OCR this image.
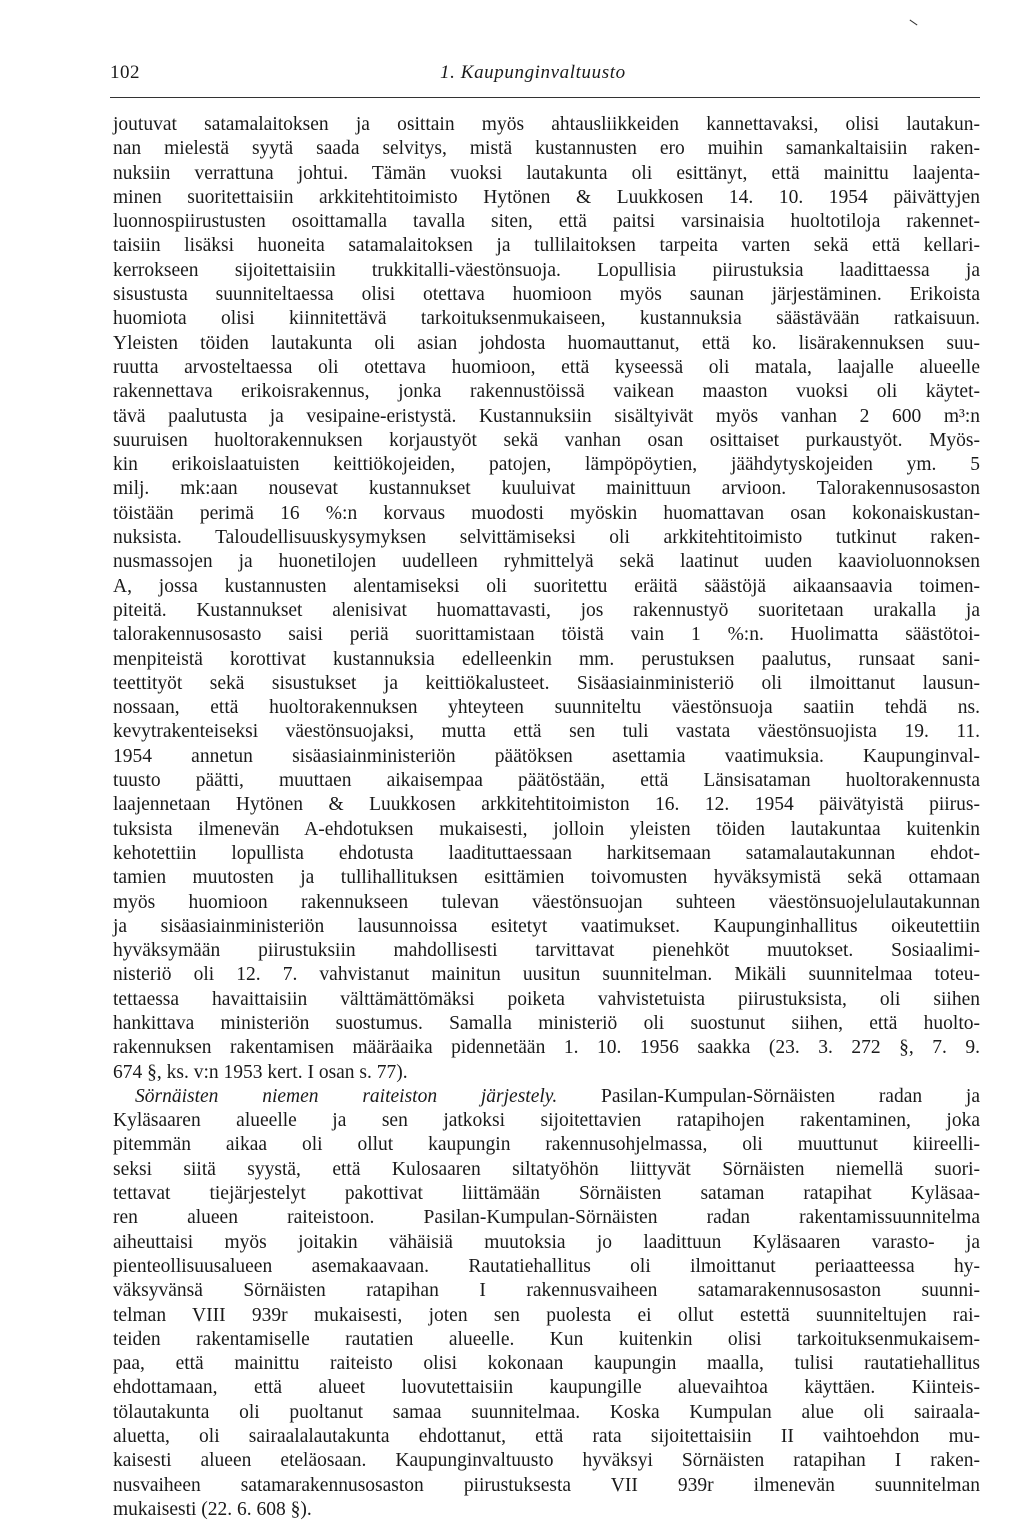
102	1. Kaupunginvaltuusto
joutuvat satamalaitoksen ja osittain myös ahtausliikkeiden kannettavaksi, olisi lautakun-
nan mielestä syytä saada selvitys, mistä kustannusten ero muihin samankaltaisiin raken-
nuksiin verrattuna johtui. Tämän vuoksi lautakunta oli esittänyt, että mainittu laajenta-
minen suoritettaisiin arkkitehtitoimisto Hytönen & Luukkosen 14. 10. 1954 päivättyjen
luonnospiirustusten osoittamalla tavalla siten, että paitsi varsinaisia huoltotiloja rakennet-
taisiin lisäksi huoneita satamalaitoksen ja tullilaitoksen tarpeita varten sekä että kellari-
kerrokseen sijoitettaisiin trukkitalli-väestönsuoja. Lopullisia piirustuksia laadittaessa ja
sisustusta suunniteltaessa olisi otettava huomioon myös saunan järjestäminen. Erikoista
huomiota olisi kiinnitettävä tarkoituksenmukaiseen, kustannuksia säästävään ratkaisuun.
Yleisten töiden lautakunta oli asian johdosta huomauttanut, että ko. lisärakennuksen suu-
ruutta arvosteltaessa oli otettava huomioon, että kyseessä oli matala, laajalle alueelle
rakennettava erikoisrakennus, jonka rakennustöissä vaikean maaston vuoksi oli käytet-
tävä paalutusta ja vesipaine-eristystä. Kustannuksiin sisältyivät myös vanhan 2 600 m³:n
suuruisen huoltorakennuksen korjaustyöt sekä vanhan osan osittaiset purkaustyöt. Myös-
kin erikoislaatuisten keittiökojeiden, patojen, lämpöpöytien, jäähdytyskojeiden ym. 5
milj. mk:aan nousevat kustannukset kuuluivat mainittuun arvioon. Talorakennusosaston
töistään perimä 16 %:n korvaus muodosti myöskin huomattavan osan kokonaiskustan-
nuksista. Taloudellisuuskysymyksen selvittämiseksi oli arkkitehtitoimisto tutkinut raken-
nusmassojen ja huonetilojen uudelleen ryhmittelyä sekä laatinut uuden kaavioluonnoksen
A, jossa kustannusten alentamiseksi oli suoritettu eräitä säästöjä aikaansaavia toimen-
piteitä. Kustannukset alenisivat huomattavasti, jos rakennustyö suoritetaan urakalla ja
talorakennusosasto saisi periä suorittamistaan töistä vain 1 %:n. Huolimatta säästötoi-
menpiteistä korottivat kustannuksia edelleenkin mm. perustuksen paalutus, runsaat sani-
teettityöt sekä sisustukset ja keittiökalusteet. Sisäasiainministeriö oli ilmoittanut lausun-
nossaan, että huoltorakennuksen yhteyteen suunniteltu väestönsuoja saatiin tehdä ns.
kevytrakenteiseksi väestönsuojaksi, mutta että sen tuli vastata väestönsuojista 19. 11.
1954 annetun sisäasiainministeriön päätöksen asettamia vaatimuksia. Kaupunginval-
tuusto päätti, muuttaen aikaisempaa päätöstään, että Länsisataman huoltorakennusta
laajennetaan Hytönen & Luukkosen arkkitehtitoimiston 16. 12. 1954 päivätyistä piirus-
tuksista ilmenevän A-ehdotuksen mukaisesti, jolloin yleisten töiden lautakuntaa kuitenkin
kehotettiin lopullista ehdotusta laadituttaessaan harkitsemaan satamalautakunnan ehdot-
tamien muutosten ja tullihallituksen esittämien toivomusten hyväksymistä sekä ottamaan
myös huomioon rakennukseen tulevan väestönsuojan suhteen väestönsuojelulautakunnan
ja sisäasiainministeriön lausunnoissa esitetyt vaatimukset. Kaupunginhallitus oikeutettiin
hyväksymään piirustuksiin mahdollisesti tarvittavat pienehköt muutokset. Sosiaalimi-
nisteriö oli 12. 7. vahvistanut mainitun uusitun suunnitelman. Mikäli suunnitelmaa toteu-
tettaessa havaittaisiin välttämättömäksi poiketa vahvistetuista piirustuksista, oli siihen
hankittava ministeriön suostumus. Samalla ministeriö oli suostunut siihen, että huolto-
rakennuksen rakentamisen määräaika pidennetään 1. 10. 1956 saakka (23. 3. 272 §, 7. 9.
674 §, ks. v:n 1953 kert. I osan s. 77).
Sörnäisten niemen raiteiston järjestely. Pasilan-Kumpulan-Sörnäisten radan ja
Kyläsaaren alueelle ja sen jatkoksi sijoitettavien ratapihojen rakentaminen, joka
pitemmän aikaa oli ollut kaupungin rakennusohjelmassa, oli muuttunut kiireelli-
seksi siitä syystä, että Kulosaaren siltatyöhön liittyvät Sörnäisten niemellä suori-
tettavat tiejärjestelyt pakottivat liittämään Sörnäisten sataman ratapihat Kyläsaa-
ren alueen raiteistoon. Pasilan-Kumpulan-Sörnäisten radan rakentamissuunnitelma
aiheuttaisi myös joitakin vähäisiä muutoksia jo laadittuun Kyläsaaren varasto- ja
pienteollisuusalueen asemakaavaan. Rautatiehallitus oli ilmoittanut periaatteessa hy-
väksyvänsä Sörnäisten ratapihan I rakennusvaiheen satamarakennusosaston suunni-
telman VIII 939r mukaisesti, joten sen puolesta ei ollut estettä suunniteltujen rai-
teiden rakentamiselle rautatien alueelle. Kun kuitenkin olisi tarkoituksenmukaisem-
paa, että mainittu raiteisto olisi kokonaan kaupungin maalla, tulisi rautatiehallitus
ehdottamaan, että alueet luovutettaisiin kaupungille aluevaihtoa käyttäen. Kiinteis-
tölautakunta oli puoltanut samaa suunnitelmaa. Koska Kumpulan alue oli sairaala-
aluetta, oli sairaalalautakunta ehdottanut, että rata sijoitettaisiin II vaihtoehdon mu-
kaisesti alueen eteläosaan. Kaupunginvaltuusto hyväksyi Sörnäisten ratapihan I raken-
nusvaiheen satamarakennusosaston piirustuksesta VII 939r ilmenevän suunnitelman
mukaisesti (22. 6. 608 §).
